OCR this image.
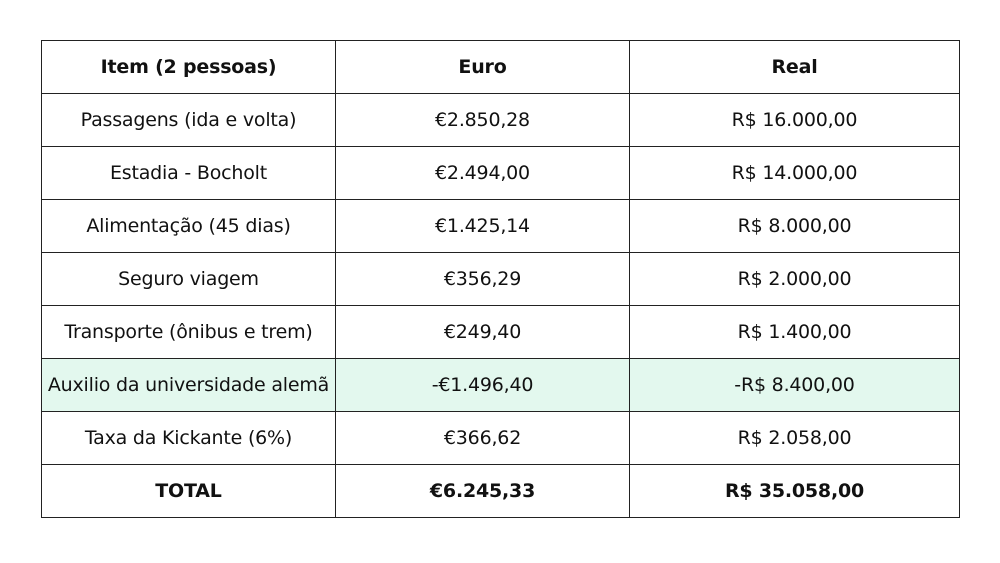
Item (2 pessoas)	Euro	Real
Passagens (ida e volta)	€2.850,28	R$ 16.000,00
Estadia - Bocholt	€2.494,00	R$ 14.000,00
Alimentação (45 dias)	€1.425,14	R$ 8.000,00
Seguro viagem	€356,29	R$ 2.000,00
Transporte (ônibus e trem)	€249,40	R$ 1.400,00
Auxilio da universidade alemã	-€1.496,40	-R$ 8.400,00
Taxa da Kickante (6%)	€366,62	R$ 2.058,00
TOTAL	€6.245,33	R$ 35.058,00
